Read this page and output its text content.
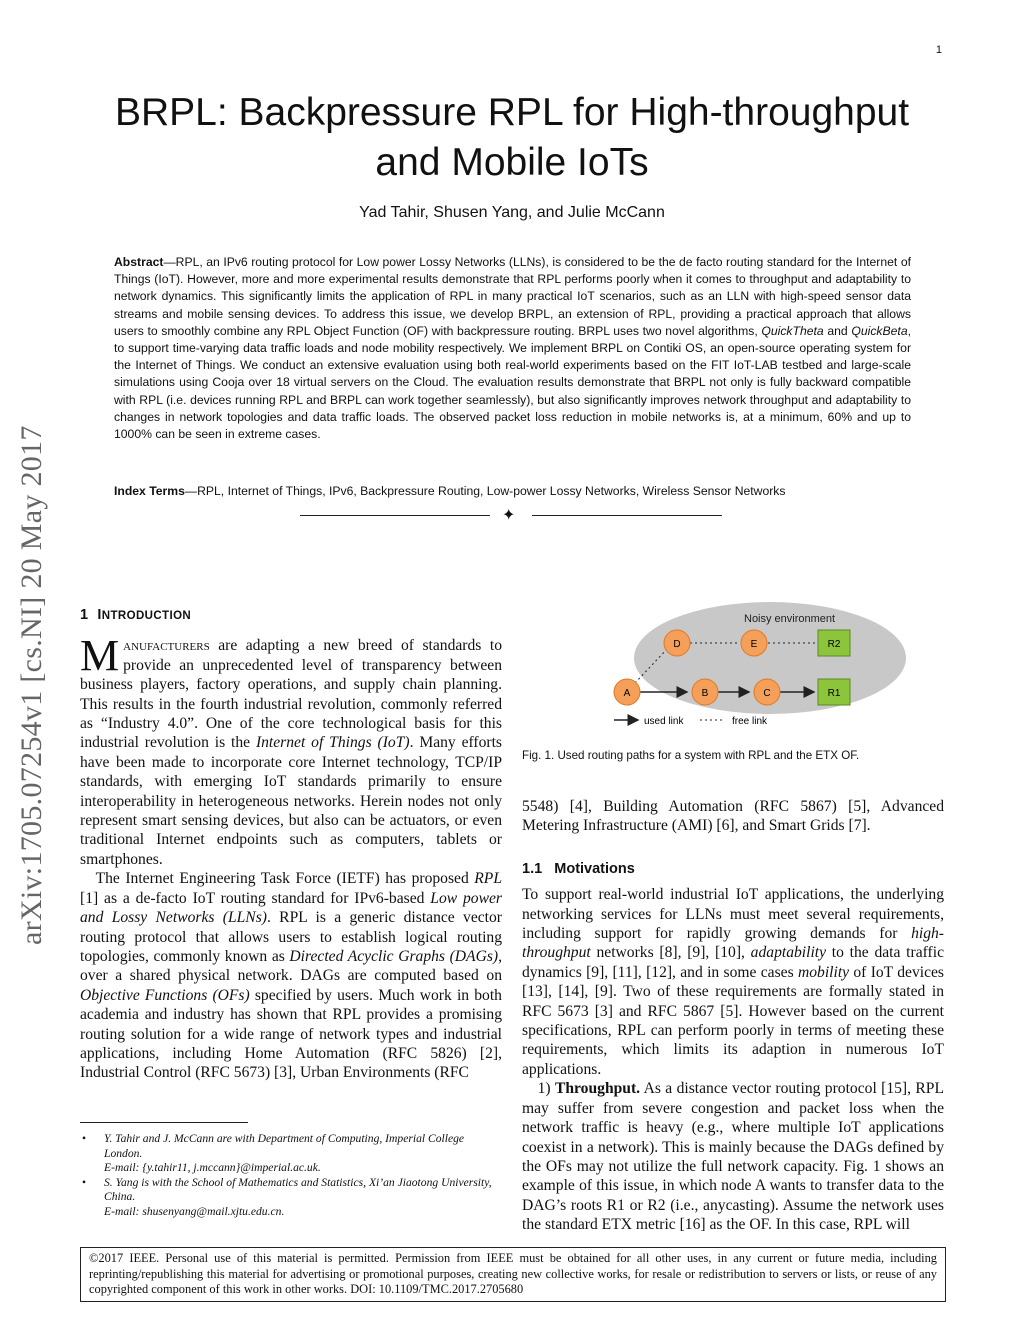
1
arXiv:1705.07254v1 [cs.NI] 20 May 2017
BRPL: Backpressure RPL for High-throughput
and Mobile IoTs
Yad Tahir, Shusen Yang, and Julie McCann
Abstract—RPL, an IPv6 routing protocol for Low power Lossy Networks (LLNs), is considered to be the de facto routing standard for the Internet of Things (IoT). However, more and more experimental results demonstrate that RPL performs poorly when it comes to throughput and adaptability to network dynamics. This significantly limits the application of RPL in many practical IoT scenarios, such as an LLN with high-speed sensor data streams and mobile sensing devices. To address this issue, we develop BRPL, an extension of RPL, providing a practical approach that allows users to smoothly combine any RPL Object Function (OF) with backpressure routing. BRPL uses two novel algorithms, QuickTheta and QuickBeta, to support time-varying data traffic loads and node mobility respectively. We implement BRPL on Contiki OS, an open-source operating system for the Internet of Things. We conduct an extensive evaluation using both real-world experiments based on the FIT IoT-LAB testbed and large-scale simulations using Cooja over 18 virtual servers on the Cloud. The evaluation results demonstrate that BRPL not only is fully backward compatible with RPL (i.e. devices running RPL and BRPL can work together seamlessly), but also significantly improves network throughput and adaptability to changes in network topologies and data traffic loads. The observed packet loss reduction in mobile networks is, at a minimum, 60% and up to 1000% can be seen in extreme cases.
Index Terms—RPL, Internet of Things, IPv6, Backpressure Routing, Low-power Lossy Networks, Wireless Sensor Networks
✦
1 INTRODUCTION

Manufacturers are adapting a new breed of standards to provide an unprecedented level of transparency between business players, factory operations, and supply chain planning. This results in the fourth industrial revolution, commonly referred as “Industry 4.0”. One of the core technological basis for this industrial revolution is the Internet of Things (IoT). Many efforts have been made to incorporate core Internet technology, TCP/IP standards, with emerging IoT standards primarily to ensure interoperability in heterogeneous networks. Herein nodes not only represent smart sensing devices, but also can be actuators, or even traditional Internet endpoints such as computers, tablets or smartphones.

The Internet Engineering Task Force (IETF) has proposed RPL [1] as a de-facto IoT routing standard for IPv6-based Low power and Lossy Networks (LLNs). RPL is a generic distance vector routing protocol that allows users to establish logical routing topologies, commonly known as Directed Acyclic Graphs (DAGs), over a shared physical network. DAGs are computed based on Objective Functions (OFs) specified by users. Much work in both academia and industry has shown that RPL provides a promising routing solution for a wide range of network types and industrial applications, including Home Automation (RFC 5826) [2], Industrial Control (RFC 5673) [3], Urban Environments (RFC

• Y. Tahir and J. McCann are with Department of Computing, Imperial College London.
E-mail: {y.tahir11, j.mccann}@imperial.ac.uk.
• S. Yang is with the School of Mathematics and Statistics, Xi’an Jiaotong University, China.
E-mail: shusenyang@mail.xjtu.edu.cn.
Noisy environment
D	E	R2
A	B	C	R1
used link	free link
Fig. 1. Used routing paths for a system with RPL and the ETX OF.

5548) [4], Building Automation (RFC 5867) [5], Advanced Metering Infrastructure (AMI) [6], and Smart Grids [7].

1.1 Motivations

To support real-world industrial IoT applications, the underlying networking services for LLNs must meet several requirements, including support for rapidly growing demands for high-throughput networks [8], [9], [10], adaptability to the data traffic dynamics [9], [11], [12], and in some cases mobility of IoT devices [13], [14], [9]. Two of these requirements are formally stated in RFC 5673 [3] and RFC 5867 [5]. However based on the current specifications, RPL can perform poorly in terms of meeting these requirements, which limits its adaption in numerous IoT applications.

1) Throughput. As a distance vector routing protocol [15], RPL may suffer from severe congestion and packet loss when the network traffic is heavy (e.g., where multiple IoT applications coexist in a network). This is mainly because the DAGs defined by the OFs may not utilize the full network capacity. Fig. 1 shows an example of this issue, in which node A wants to transfer data to the DAG’s roots R1 or R2 (i.e., anycasting). Assume the network uses the standard ETX metric [16] as the OF. In this case, RPL will

©2017 IEEE. Personal use of this material is permitted. Permission from IEEE must be obtained for all other uses, in any current or future media, including reprinting/republishing this material for advertising or promotional purposes, creating new collective works, for resale or redistribution to servers or lists, or reuse of any copyrighted component of this work in other works. DOI: 10.1109/TMC.2017.2705680
